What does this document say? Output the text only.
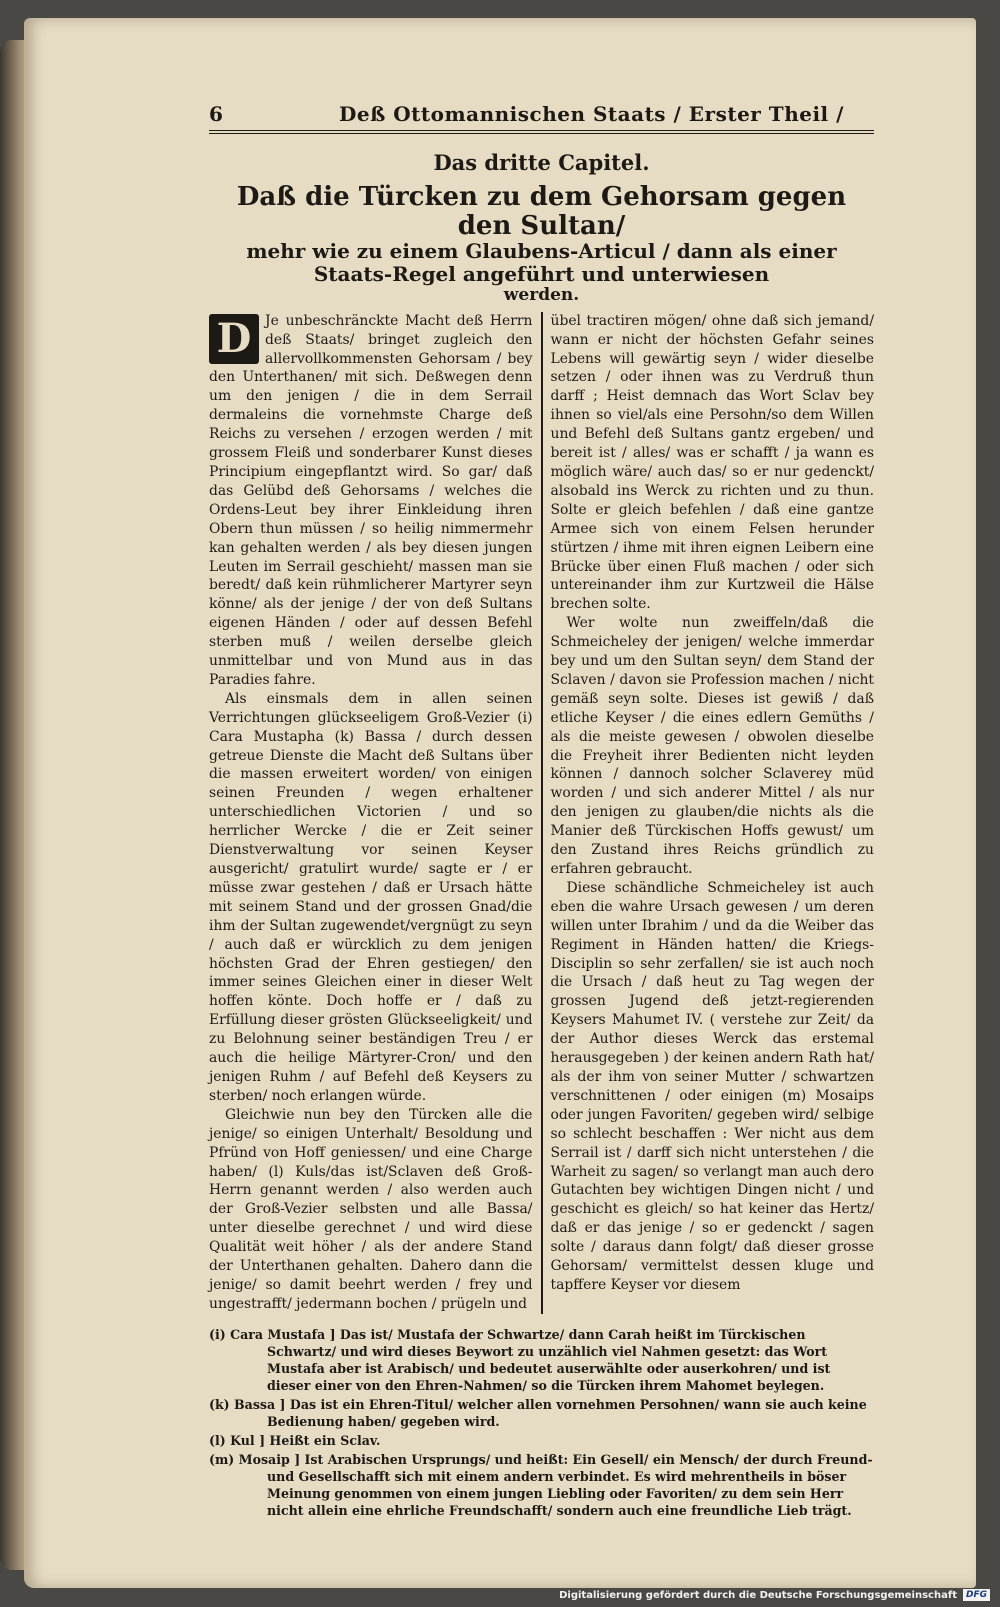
6	Deß Ottomannischen Staats / Erster Theil /
Das dritte Capitel.
Daß die Türcken zu dem Gehorsam gegen den Sultan/
mehr wie zu einem Glaubens-Articul / dann als einer
Staats-Regel angeführt und unterwiesen
werden.
D Je unbeschränckte Macht deß Herrn deß Staats/ bringet zugleich den allervollkommensten Gehorsam / bey den Unterthanen/ mit sich. Deßwegen denn um den jenigen / die in dem Serrail dermaleins die vornehmste Charge deß Reichs zu versehen / erzogen werden / mit grossem Fleiß und sonderbarer Kunst dieses Principium eingepflantzt wird. So gar/ daß das Gelübd deß Gehorsams / welches die Ordens-Leut bey ihrer Einkleidung ihren Obern thun müssen / so heilig nimmermehr kan gehalten werden / als bey diesen jungen Leuten im Serrail geschieht/ massen man sie beredt/ daß kein rühmlicherer Martyrer seyn könne/ als der jenige / der von deß Sultans eigenen Händen / oder auf dessen Befehl sterben muß / weilen derselbe gleich unmittelbar und von Mund aus in das Paradies fahre.

Als einsmals dem in allen seinen Verrichtungen glückseeligem Groß-Vezier (i) Cara Mustapha (k) Bassa / durch dessen getreue Dienste die Macht deß Sultans über die massen erweitert worden/ von einigen seinen Freunden / wegen erhaltener unterschiedlichen Victorien / und so herrlicher Wercke / die er Zeit seiner Dienstverwaltung vor seinen Keyser ausgericht/ gratulirt wurde/ sagte er / er müsse zwar gestehen / daß er Ursach hätte mit seinem Stand und der grossen Gnad/die ihm der Sultan zugewendet/vergnügt zu seyn / auch daß er würcklich zu dem jenigen höchsten Grad der Ehren gestiegen/ den immer seines Gleichen einer in dieser Welt hoffen könte. Doch hoffe er / daß zu Erfüllung dieser grösten Glückseeligkeit/ und zu Belohnung seiner beständigen Treu / er auch die heilige Märtyrer-Cron/ und den jenigen Ruhm / auf Befehl deß Keysers zu sterben/ noch erlangen würde.

Gleichwie nun bey den Türcken alle die jenige/ so einigen Unterhalt/ Besoldung und Pfründ von Hoff geniessen/ und eine Charge haben/ (l) Kuls/das ist/Sclaven deß Groß-Herrn genannt werden / also werden auch der Groß-Vezier selbsten und alle Bassa/ unter dieselbe gerechnet / und wird diese Qualität weit höher / als der andere Stand der Unterthanen gehalten. Dahero dann die jenige/ so damit beehrt werden / frey und ungestrafft/ jedermann bochen / prügeln und

übel tractiren mögen/ ohne daß sich jemand/ wann er nicht der höchsten Gefahr seines Lebens will gewärtig seyn / wider dieselbe setzen / oder ihnen was zu Verdruß thun darff ; Heist demnach das Wort Sclav bey ihnen so viel/als eine Persohn/so dem Willen und Befehl deß Sultans gantz ergeben/ und bereit ist / alles/ was er schafft / ja wann es möglich wäre/ auch das/ so er nur gedenckt/ alsobald ins Werck zu richten und zu thun. Solte er gleich befehlen / daß eine gantze Armee sich von einem Felsen herunder stürtzen / ihme mit ihren eignen Leibern eine Brücke über einen Fluß machen / oder sich untereinander ihm zur Kurtzweil die Hälse brechen solte.

Wer wolte nun zweiffeln/daß die Schmeicheley der jenigen/ welche immerdar bey und um den Sultan seyn/ dem Stand der Sclaven / davon sie Profession machen / nicht gemäß seyn solte. Dieses ist gewiß / daß etliche Keyser / die eines edlern Gemüths / als die meiste gewesen / obwolen dieselbe die Freyheit ihrer Bedienten nicht leyden können / dannoch solcher Sclaverey müd worden / und sich anderer Mittel / als nur den jenigen zu glauben/die nichts als die Manier deß Türckischen Hoffs gewust/ um den Zustand ihres Reichs gründlich zu erfahren gebraucht.

Diese schändliche Schmeicheley ist auch eben die wahre Ursach gewesen / um deren willen unter Ibrahim / und da die Weiber das Regiment in Händen hatten/ die Kriegs-Disciplin so sehr zerfallen/ sie ist auch noch die Ursach / daß heut zu Tag wegen der grossen Jugend deß jetzt-regierenden Keysers Mahumet IV. ( verstehe zur Zeit/ da der Author dieses Werck das erstemal herausgegeben ) der keinen andern Rath hat/ als der ihm von seiner Mutter / schwartzen verschnittenen / oder einigen (m) Mosaips oder jungen Favoriten/ gegeben wird/ selbige so schlecht beschaffen : Wer nicht aus dem Serrail ist / darff sich nicht unterstehen / die Warheit zu sagen/ so verlangt man auch dero Gutachten bey wichtigen Dingen nicht / und geschicht es gleich/ so hat keiner das Hertz/ daß er das jenige / so er gedenckt / sagen solte / daraus dann folgt/ daß dieser grosse Gehorsam/ vermittelst dessen kluge und tapffere Keyser vor diesem

(i) Cara Mustafa ] Das ist/ Mustafa der Schwartze/ dann Carah heißt im Türckischen Schwartz/ und wird dieses Beywort zu unzählich viel Nahmen gesetzt: das Wort Mustafa aber ist Arabisch/ und bedeutet auserwählte oder auserkohren/ und ist dieser einer von den Ehren-Nahmen/ so die Türcken ihrem Mahomet beylegen.

(k) Bassa ] Das ist ein Ehren-Titul/ welcher allen vornehmen Persohnen/ wann sie auch keine Bedienung haben/ gegeben wird.

(l) Kul ] Heißt ein Sclav.

(m) Mosaip ] Ist Arabischen Ursprungs/ und heißt: Ein Gesell/ ein Mensch/ der durch Freund- und Gesellschafft sich mit einem andern verbindet. Es wird mehrentheils in böser Meinung genommen von einem jungen Liebling oder Favoriten/ zu dem sein Herr nicht allein eine ehrliche Freundschafft/ sondern auch eine freundliche Lieb trägt.

Digitalisierung gefördert durch die Deutsche Forschungsgemeinschaft	DFG
